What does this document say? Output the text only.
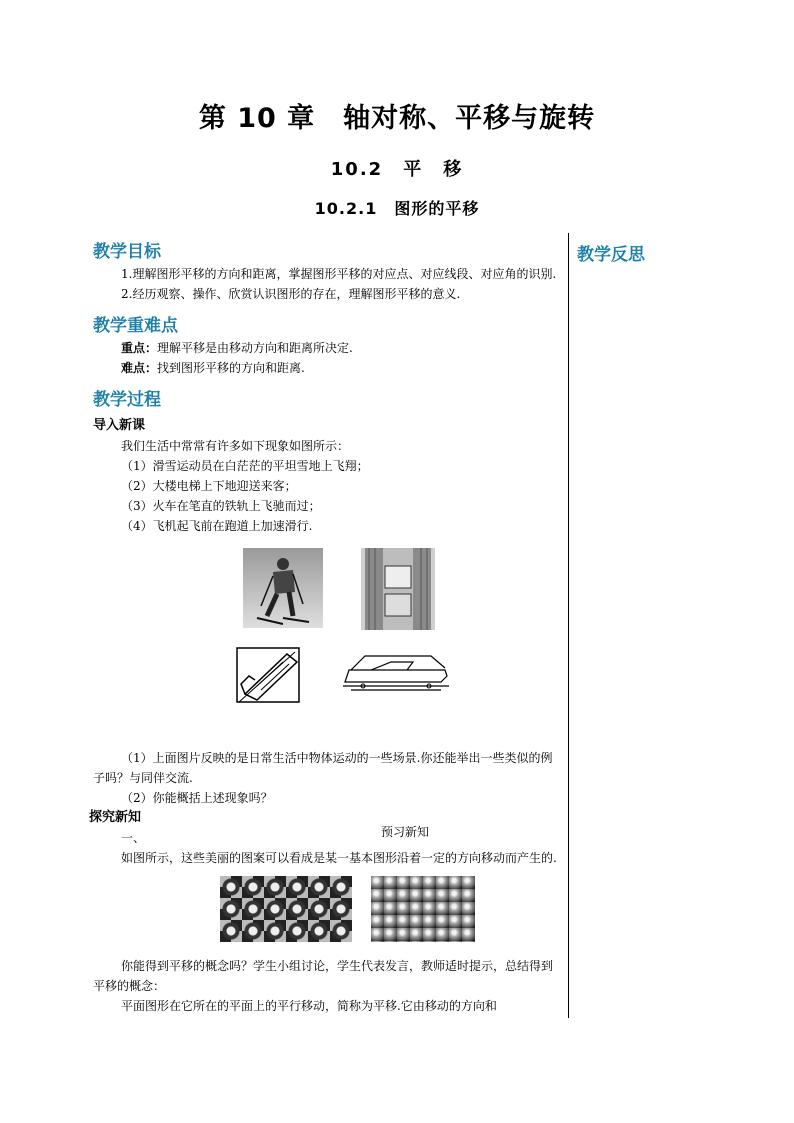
第 10 章　轴对称、平移与旋转
10.2　平　移
10.2.1　图形的平移
教学反思

教学目标

1.理解图形平移的方向和距离，掌握图形平移的对应点、对应线段、对应角的识别.

2.经历观察、操作、欣赏认识图形的存在，理解图形平移的意义.

教学重难点

重点：理解平移是由移动方向和距离所决定.

难点：找到图形平移的方向和距离.

教学过程

导入新课

我们生活中常常有许多如下现象如图所示：

（1）滑雪运动员在白茫茫的平坦雪地上飞翔；

（2）大楼电梯上下地迎送来客；

（3）火车在笔直的铁轨上飞驰而过；

（4）飞机起飞前在跑道上加速滑行.

（1）上面图片反映的是日常生活中物体运动的一些场景.你还能举出一些类似的例子吗？与同伴交流.

（2）你能概括上述现象吗？

探究新知

一、	预习新知

如图所示，这些美丽的图案可以看成是某一基本图形沿着一定的方向移动而产生的.

你能得到平移的概念吗？学生小组讨论，学生代表发言，教师适时提示，总结得到平移的概念：

平面图形在它所在的平面上的平行移动，简称为平移.它由移动的方向和
